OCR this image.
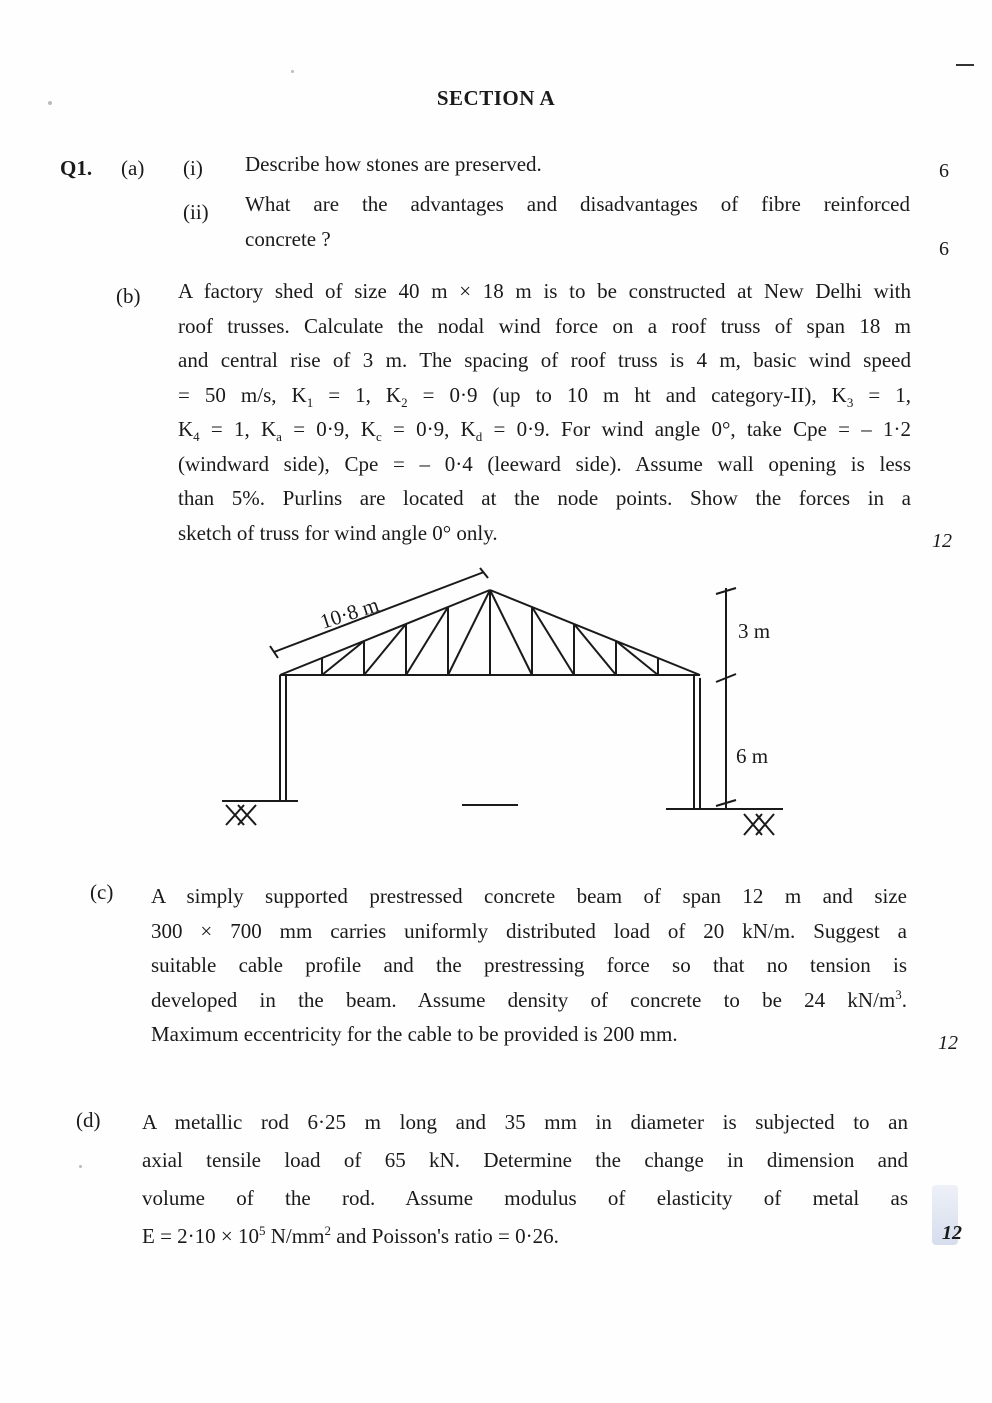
SECTION A
Q1. (a) (i) Describe how stones are preserved.	6
(ii) What are the advantages and disadvantages of fibre reinforced
concrete ?	6
(b) A factory shed of size 40 m × 18 m is to be constructed at New Delhi with
roof trusses. Calculate the nodal wind force on a roof truss of span 18 m
and central rise of 3 m. The spacing of roof truss is 4 m, basic wind speed
= 50 m/s, $K_1 = 1$, $K_2 = 0\cdot 9$ (up to 10 m ht and category-II), $K_3 = 1$,
$K_4 = 1$, $K_a = 0\cdot 9$, $K_c = 0\cdot 9$, $K_d = 0\cdot 9$. For wind angle 0°, take Cpe = – 1·2
(windward side), Cpe = – 0·4 (leeward side). Assume wall opening is less
than 5%. Purlins are located at the node points. Show the forces in a
sketch of truss for wind angle 0° only.	12
10·8 m	3 m
6 m
(c) A simply supported prestressed concrete beam of span 12 m and size
300 × 700 mm carries uniformly distributed load of 20 kN/m. Suggest a
suitable cable profile and the prestressing force so that no tension is
developed in the beam. Assume density of concrete to be 24 $kN/m^3$.
Maximum eccentricity for the cable to be provided is 200 mm.	12
(d) A metallic rod 6·25 m long and 35 mm in diameter is subjected to an
axial tensile load of 65 kN. Determine the change in dimension and
volume of the rod. Assume modulus of elasticity of metal as
$E = 2\cdot 10 \times 10^5$ $N/mm^2$ and Poisson's ratio = 0·26.	12
